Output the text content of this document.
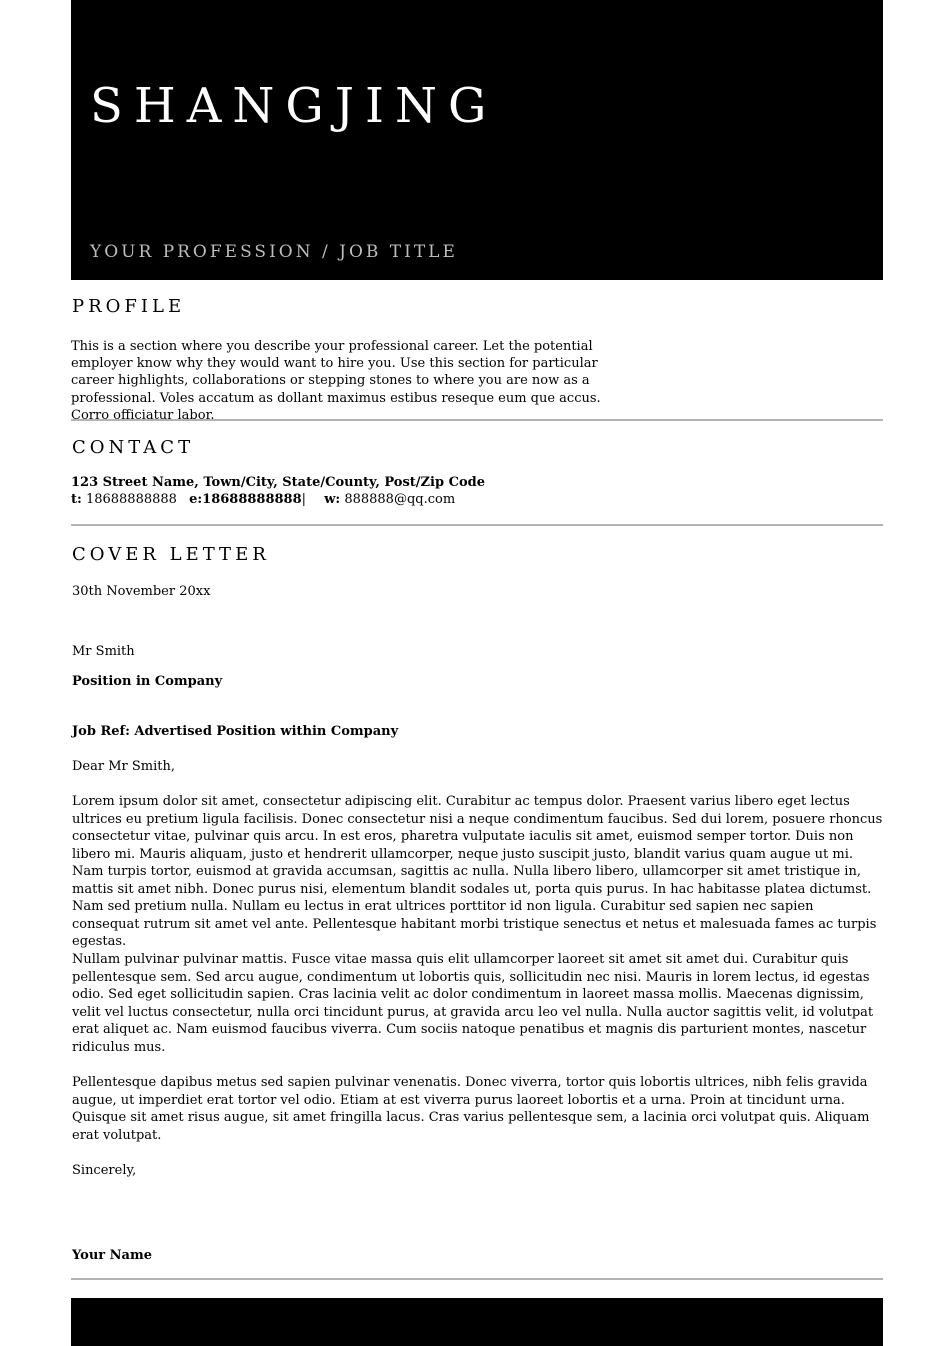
SHANGJING
YOUR PROFESSION / JOB TITLE
PROFILE
This is a section where you describe your professional career. Let the potential employer know why they would want to hire you. Use this section for particular career highlights, collaborations or stepping stones to where you are now as a professional. Voles accatum as dollant maximus estibus reseque eum que accus. Corro officiatur labor.
CONTACT
123 Street Name, Town/City, State/County, Post/Zip Code
t: 18688888888 e:18688888888| w: 888888@qq.com
COVER LETTER
30th November 20xx
Mr Smith
Position in Company
Job Ref: Advertised Position within Company
Dear Mr Smith,
Lorem ipsum dolor sit amet, consectetur adipiscing elit. Curabitur ac tempus dolor. Praesent varius libero eget lectus ultrices eu pretium ligula facilisis. Donec consectetur nisi a neque condimentum faucibus. Sed dui lorem, posuere rhoncus consectetur vitae, pulvinar quis arcu. In est eros, pharetra vulputate iaculis sit amet, euismod semper tortor. Duis non libero mi. Mauris aliquam, justo et hendrerit ullamcorper, neque justo suscipit justo, blandit varius quam augue ut mi. Nam turpis tortor, euismod at gravida accumsan, sagittis ac nulla. Nulla libero libero, ullamcorper sit amet tristique in, mattis sit amet nibh. Donec purus nisi, elementum blandit sodales ut, porta quis purus. In hac habitasse platea dictumst. Nam sed pretium nulla. Nullam eu lectus in erat ultrices porttitor id non ligula. Curabitur sed sapien nec sapien consequat rutrum sit amet vel ante. Pellentesque habitant morbi tristique senectus et netus et malesuada fames ac turpis egestas.
Nullam pulvinar pulvinar mattis. Fusce vitae massa quis elit ullamcorper laoreet sit amet sit amet dui. Curabitur quis pellentesque sem. Sed arcu augue, condimentum ut lobortis quis, sollicitudin nec nisi. Mauris in lorem lectus, id egestas odio. Sed eget sollicitudin sapien. Cras lacinia velit ac dolor condimentum in laoreet massa mollis. Maecenas dignissim, velit vel luctus consectetur, nulla orci tincidunt purus, at gravida arcu leo vel nulla. Nulla auctor sagittis velit, id volutpat erat aliquet ac. Nam euismod faucibus viverra. Cum sociis natoque penatibus et magnis dis parturient montes, nascetur ridiculus mus.
Pellentesque dapibus metus sed sapien pulvinar venenatis. Donec viverra, tortor quis lobortis ultrices, nibh felis gravida augue, ut imperdiet erat tortor vel odio. Etiam at est viverra purus laoreet lobortis et a urna. Proin at tincidunt urna. Quisque sit amet risus augue, sit amet fringilla lacus. Cras varius pellentesque sem, a lacinia orci volutpat quis. Aliquam erat volutpat.
Sincerely,
Your Name
